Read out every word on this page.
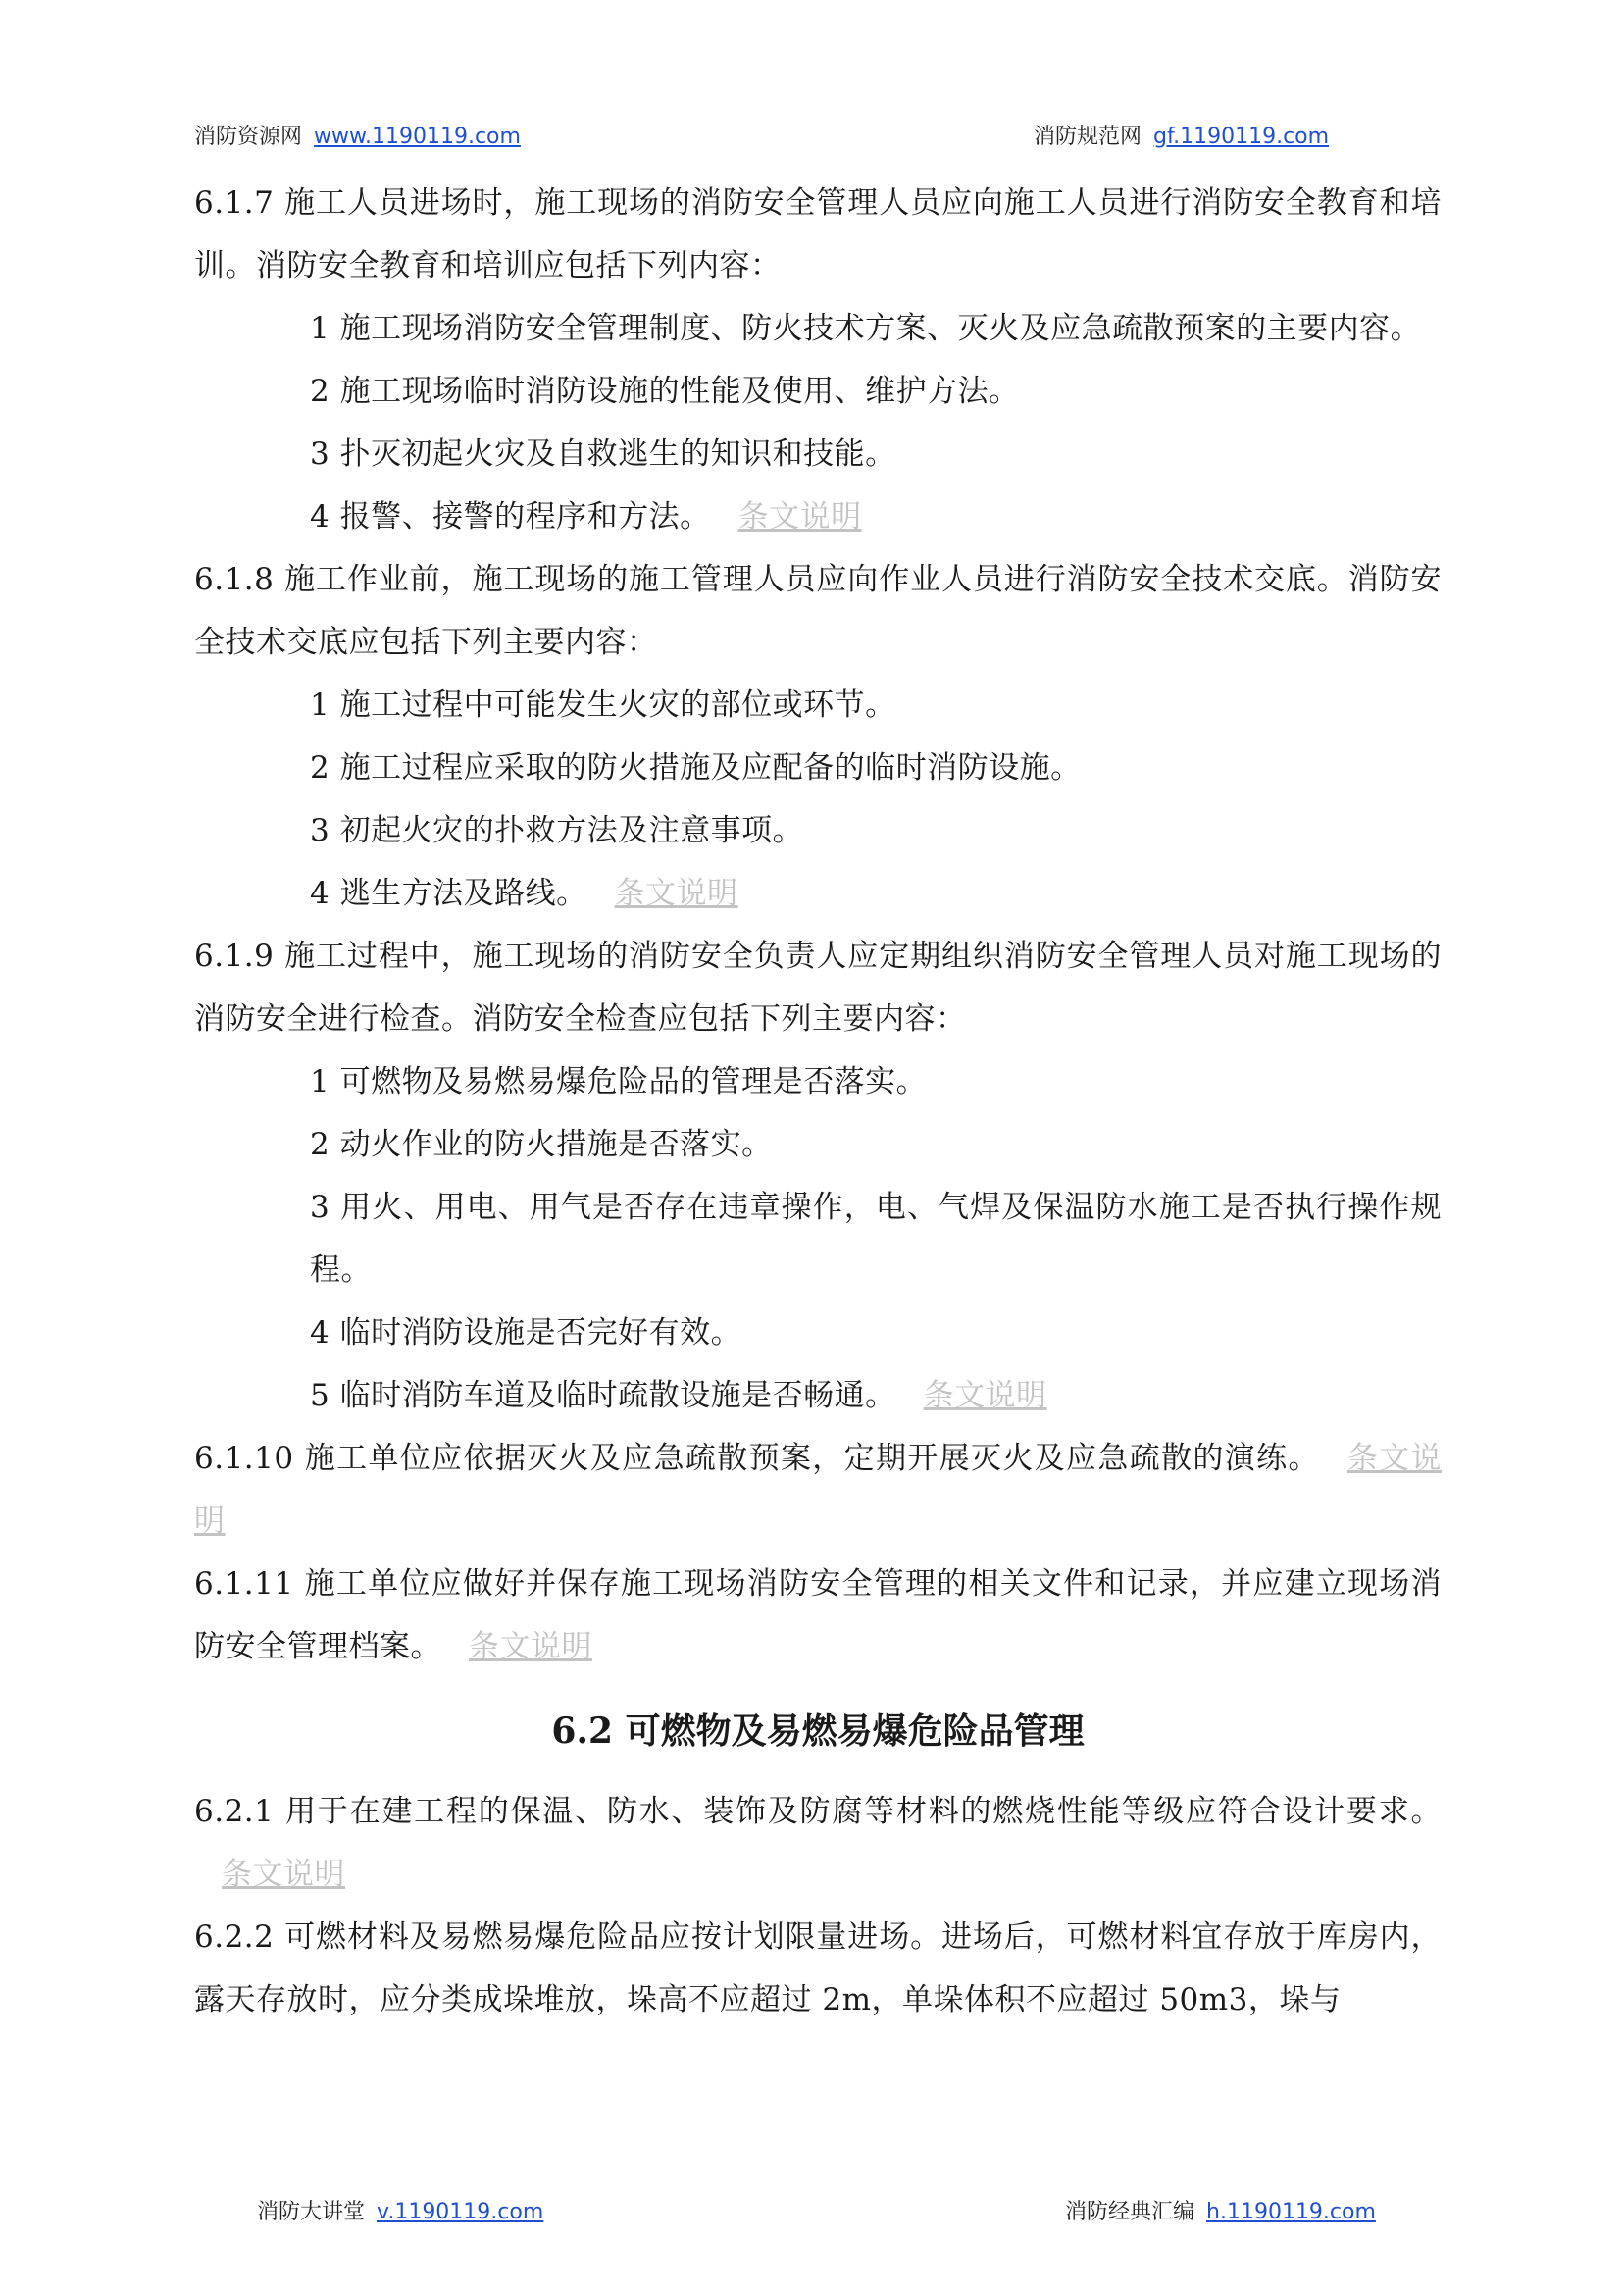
消防资源网 www.1190119.com	消防规范网 gf.1190119.com

6.1.7 施工人员进场时，施工现场的消防安全管理人员应向施工人员进行消防安全教育和培训。消防安全教育和培训应包括下列内容：

1 施工现场消防安全管理制度、防火技术方案、灭火及应急疏散预案的主要内容。

2 施工现场临时消防设施的性能及使用、维护方法。

3 扑灭初起火灾及自救逃生的知识和技能。

4 报警、接警的程序和方法。 条文说明

6.1.8 施工作业前，施工现场的施工管理人员应向作业人员进行消防安全技术交底。消防安全技术交底应包括下列主要内容：

1 施工过程中可能发生火灾的部位或环节。

2 施工过程应采取的防火措施及应配备的临时消防设施。

3 初起火灾的扑救方法及注意事项。

4 逃生方法及路线。 条文说明

6.1.9 施工过程中，施工现场的消防安全负责人应定期组织消防安全管理人员对施工现场的消防安全进行检查。消防安全检查应包括下列主要内容：

1 可燃物及易燃易爆危险品的管理是否落实。

2 动火作业的防火措施是否落实。

3 用火、用电、用气是否存在违章操作，电、气焊及保温防水施工是否执行操作规程。

4 临时消防设施是否完好有效。

5 临时消防车道及临时疏散设施是否畅通。 条文说明

6.1.10 施工单位应依据灭火及应急疏散预案，定期开展灭火及应急疏散的演练。 条文说明

6.1.11 施工单位应做好并保存施工现场消防安全管理的相关文件和记录，并应建立现场消防安全管理档案。 条文说明

6.2 可燃物及易燃易爆危险品管理

6.2.1 用于在建工程的保温、防水、装饰及防腐等材料的燃烧性能等级应符合设计要求。条文说明

6.2.2 可燃材料及易燃易爆危险品应按计划限量进场。进场后，可燃材料宜存放于库房内，露天存放时，应分类成垛堆放，垛高不应超过 2m，单垛体积不应超过 50m3，垛与

消防大讲堂 v.1190119.com	消防经典汇编 h.1190119.com
